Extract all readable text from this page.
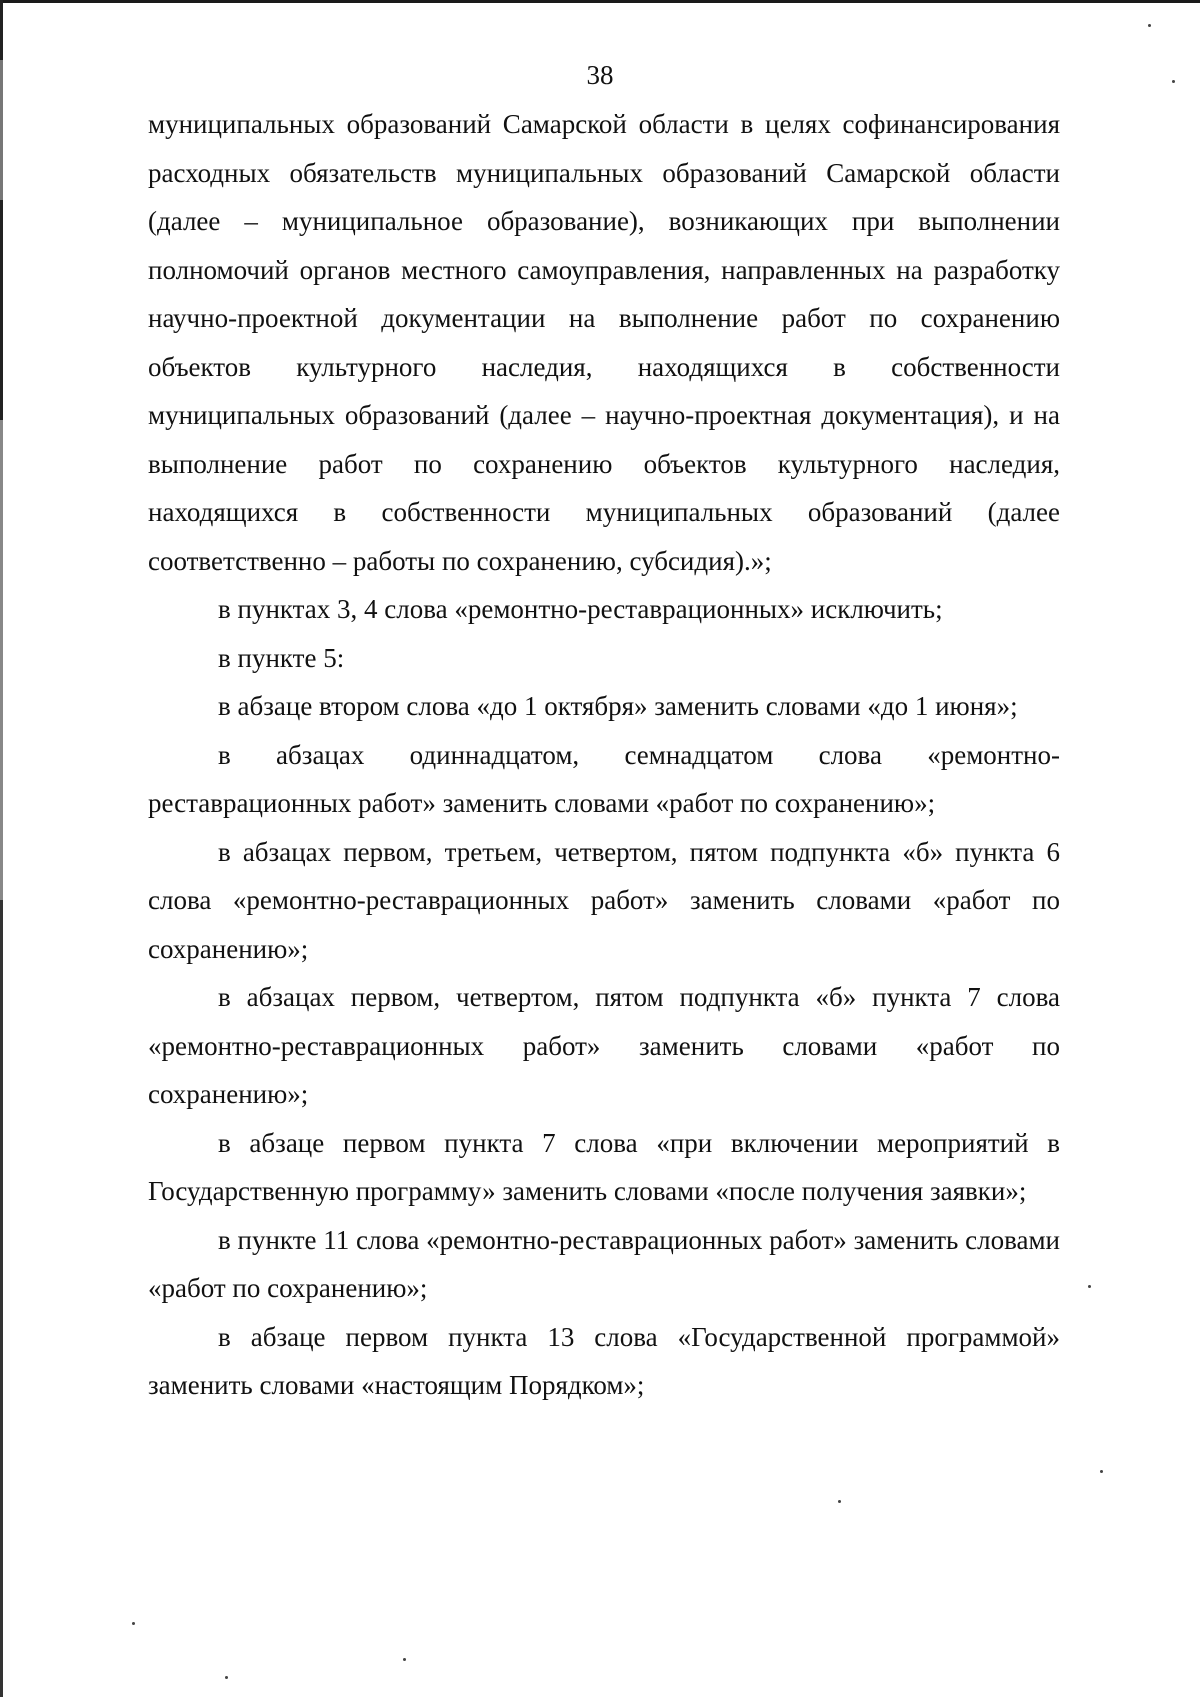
38

муниципальных образований Самарской области в целях софинансирования расходных обязательств муниципальных образований Самарской области (далее – муниципальное образование), возникающих при выполнении полномочий органов местного самоуправления, направленных на разработку научно-проектной документации на выполнение работ по сохранению объектов культурного наследия, находящихся в собственности муниципальных образований (далее – научно-проектная документация), и на выполнение работ по сохранению объектов культурного наследия, находящихся в собственности муниципальных образований (далее соответственно – работы по сохранению, субсидия).»;

в пунктах 3, 4 слова «ремонтно-реставрационных» исключить;

в пункте 5:

в абзаце втором слова «до 1 октября» заменить словами «до 1 июня»;

в абзацах одиннадцатом, семнадцатом слова «ремонтно-реставрационных работ» заменить словами «работ по сохранению»;

в абзацах первом, третьем, четвертом, пятом подпункта «б» пункта 6 слова «ремонтно-реставрационных работ» заменить словами «работ по сохранению»;

в абзацах первом, четвертом, пятом подпункта «б» пункта 7 слова «ремонтно-реставрационных работ» заменить словами «работ по сохранению»;

в абзаце первом пункта 7 слова «при включении мероприятий в Государственную программу» заменить словами «после получения заявки»;

в пункте 11 слова «ремонтно-реставрационных работ» заменить словами «работ по сохранению»;

в абзаце первом пункта 13 слова «Государственной программой» заменить словами «настоящим Порядком»;
